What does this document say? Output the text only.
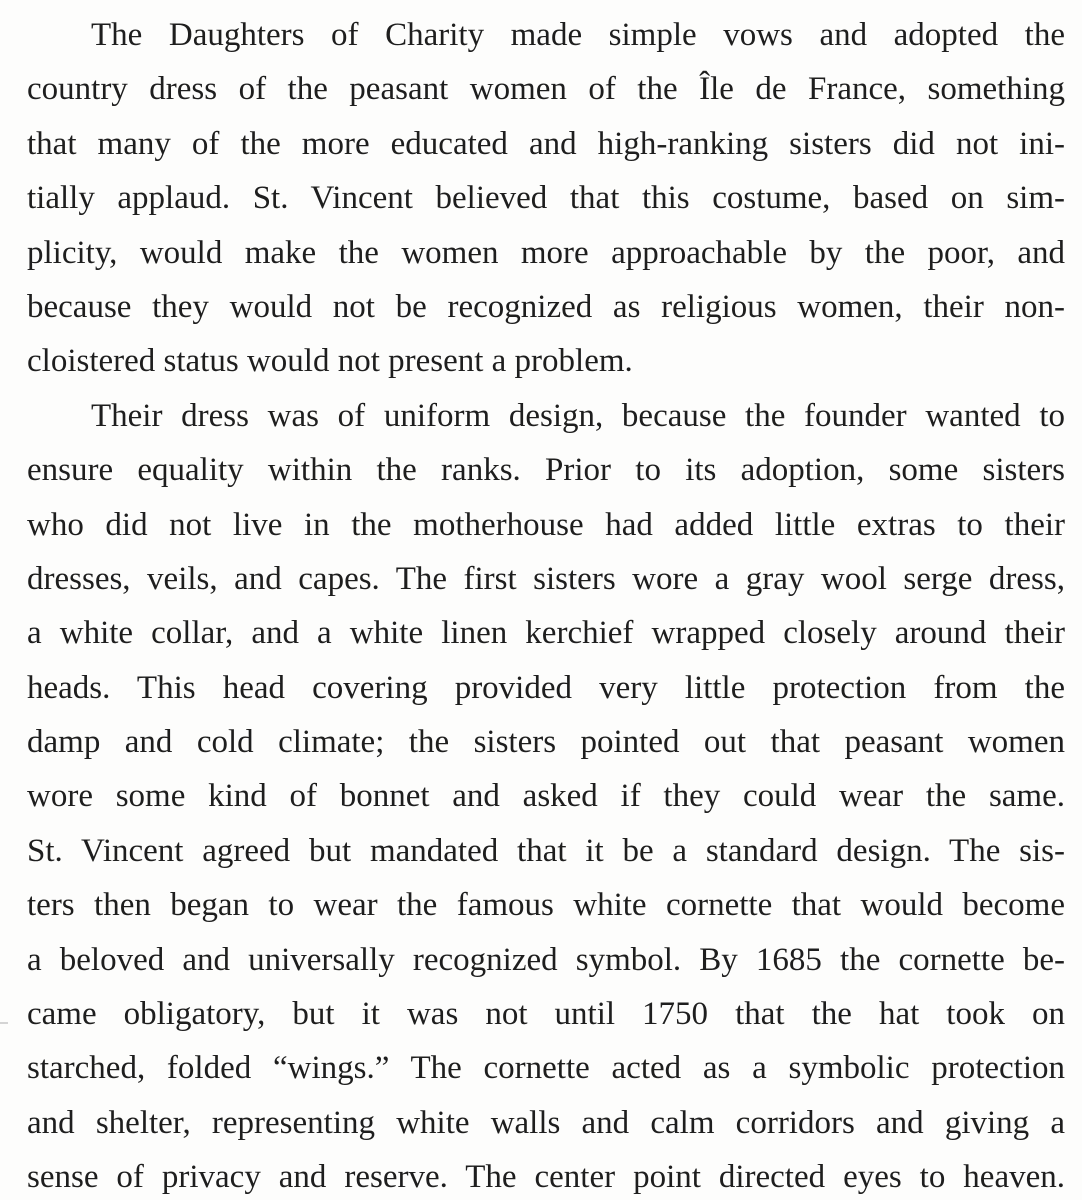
The Daughters of Charity made simple vows and adopted the
country dress of the peasant women of the Île de France, something
that many of the more educated and high-ranking sisters did not ini-
tially applaud. St. Vincent believed that this costume, based on sim-
plicity, would make the women more approachable by the poor, and
because they would not be recognized as religious women, their non-
cloistered status would not present a problem.
Their dress was of uniform design, because the founder wanted to
ensure equality within the ranks. Prior to its adoption, some sisters
who did not live in the motherhouse had added little extras to their
dresses, veils, and capes. The first sisters wore a gray wool serge dress,
a white collar, and a white linen kerchief wrapped closely around their
heads. This head covering provided very little protection from the
damp and cold climate; the sisters pointed out that peasant women
wore some kind of bonnet and asked if they could wear the same.
St. Vincent agreed but mandated that it be a standard design. The sis-
ters then began to wear the famous white cornette that would become
a beloved and universally recognized symbol. By 1685 the cornette be-
came obligatory, but it was not until 1750 that the hat took on
starched, folded “wings.” The cornette acted as a symbolic protection
and shelter, representing white walls and calm corridors and giving a
sense of privacy and reserve. The center point directed eyes to heaven.
